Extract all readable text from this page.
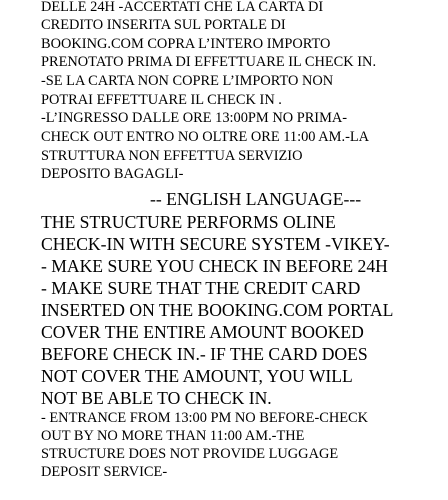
DELLE 24H -ACCERTATI CHE LA CARTA DI

CREDITO INSERITA SUL PORTALE DI

BOOKING.COM COPRA L’INTERO IMPORTO

PRENOTATO PRIMA DI EFFETTUARE IL CHECK IN.

-SE LA CARTA NON COPRE L’IMPORTO NON

POTRAI EFFETTUARE IL CHECK IN .

-L’INGRESSO DALLE ORE 13:00PM NO PRIMA-

CHECK OUT ENTRO NO OLTRE ORE 11:00 AM.-LA

STRUTTURA NON EFFETTUA SERVIZIO

DEPOSITO BAGAGLI-

-- ENGLISH LANGUAGE---

THE STRUCTURE PERFORMS OLINE

CHECK-IN WITH SECURE SYSTEM -VIKEY-

- MAKE SURE YOU CHECK IN BEFORE 24H

- MAKE SURE THAT THE CREDIT CARD

INSERTED ON THE BOOKING.COM PORTAL

COVER THE ENTIRE AMOUNT BOOKED

BEFORE CHECK IN.- IF THE CARD DOES

NOT COVER THE AMOUNT, YOU WILL

NOT BE ABLE TO CHECK IN.

- ENTRANCE FROM 13:00 PM NO BEFORE-CHECK

OUT BY NO MORE THAN 11:00 AM.-THE

STRUCTURE DOES NOT PROVIDE LUGGAGE

DEPOSIT SERVICE-
